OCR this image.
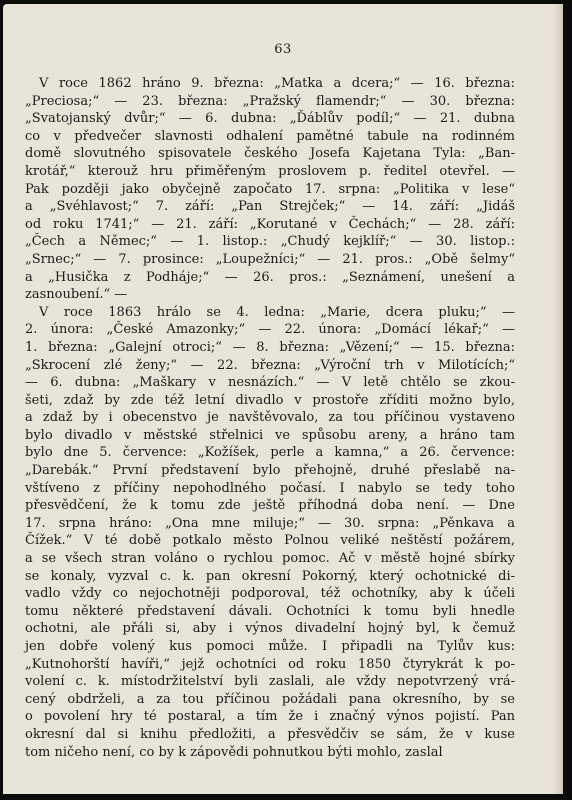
63
V roce 1862 hráno 9. března: „Matka a dcera;“ — 16. března:
„Preciosa;“ — 23. března: „Pražský flamendr;“ — 30. března:
„Svatojanský dvůr;“ — 6. dubna: „Ďáblův podíl;“ — 21. dubna
co v předvečer slavnosti odhalení pamětné tabule na rodinném
domě slovutného spisovatele českého Josefa Kajetana Tyla: „Ban-
krotář,“ kterouž hru přiměřeným proslovem p. ředitel otevřel. —
Pak později jako obyčejně započato 17. srpna: „Politika v lese“
a „Svéhlavost;“ 7. září: „Pan Strejček;“ — 14. září: „Jidáš
od roku 1741;“ — 21. září: „Korutané v Čechách;“ — 28. září:
„Čech a Němec;“ — 1. listop.: „Chudý kejklíř;“ — 30. listop.:
„Srnec;“ — 7. prosince: „Loupežníci;“ — 21. pros.: „Obě šelmy“
a „Husička z Podháje;“ — 26. pros.: „Seznámení, unešení a
zasnoubení.“ —
V roce 1863 hrálo se 4. ledna: „Marie, dcera pluku;“ —
2. února: „České Amazonky;“ — 22. února: „Domácí lékař;“ —
1. března: „Galejní otroci;“ — 8. března: „Vězení;“ — 15. března:
„Skrocení zlé ženy;“ — 22. března: „Výroční trh v Milotících;“
— 6. dubna: „Maškary v nesnázích.“ — V letě chtělo se zkou-
šeti, zdaž by zde též letní divadlo v prostoře zříditi možno bylo,
a zdaž by i obecenstvo je navštěvovalo, za tou příčinou vystaveno
bylo divadlo v městské střelnici ve spůsobu areny, a hráno tam
bylo dne 5. července: „Kožíšek, perle a kamna,“ a 26. července:
„Darebák.“ První představení bylo přehojně, druhé přeslabě na-
vštíveno z příčiny nepohodlného počasí. I nabylo se tedy toho
přesvědčení, že k tomu zde ještě příhodná doba není. — Dne
17. srpna hráno: „Ona mne miluje;“ — 30. srpna: „Pěnkava a
Čížek.“ V té době potkalo město Polnou veliké neštěstí požárem,
a se všech stran voláno o rychlou pomoc. Ač v městě hojné sbírky
se konaly, vyzval c. k. pan okresní Pokorný, který ochotnické di-
vadlo vždy co nejochotněji podporoval, též ochotníky, aby k účeli
tomu některé představení dávali. Ochotníci k tomu byli hnedle
ochotni, ale přáli si, aby i výnos divadelní hojný byl, k čemuž
jen dobře volený kus pomoci může. I připadli na Tylův kus:
„Kutnohorští havíři,“ jejž ochotníci od roku 1850 čtyrykrát k po-
volení c. k. místodržitelství byli zaslali, ale vždy nepotvrzený vrá-
cený obdrželi, a za tou příčinou požádali pana okresního, by se
o povolení hry té postaral, a tím že i značný výnos pojistí. Pan
okresní dal si knihu předložiti, a přesvědčiv se sám, že v kuse
tom ničeho není, co by k zápovědi pohnutkou býti mohlo, zaslal
